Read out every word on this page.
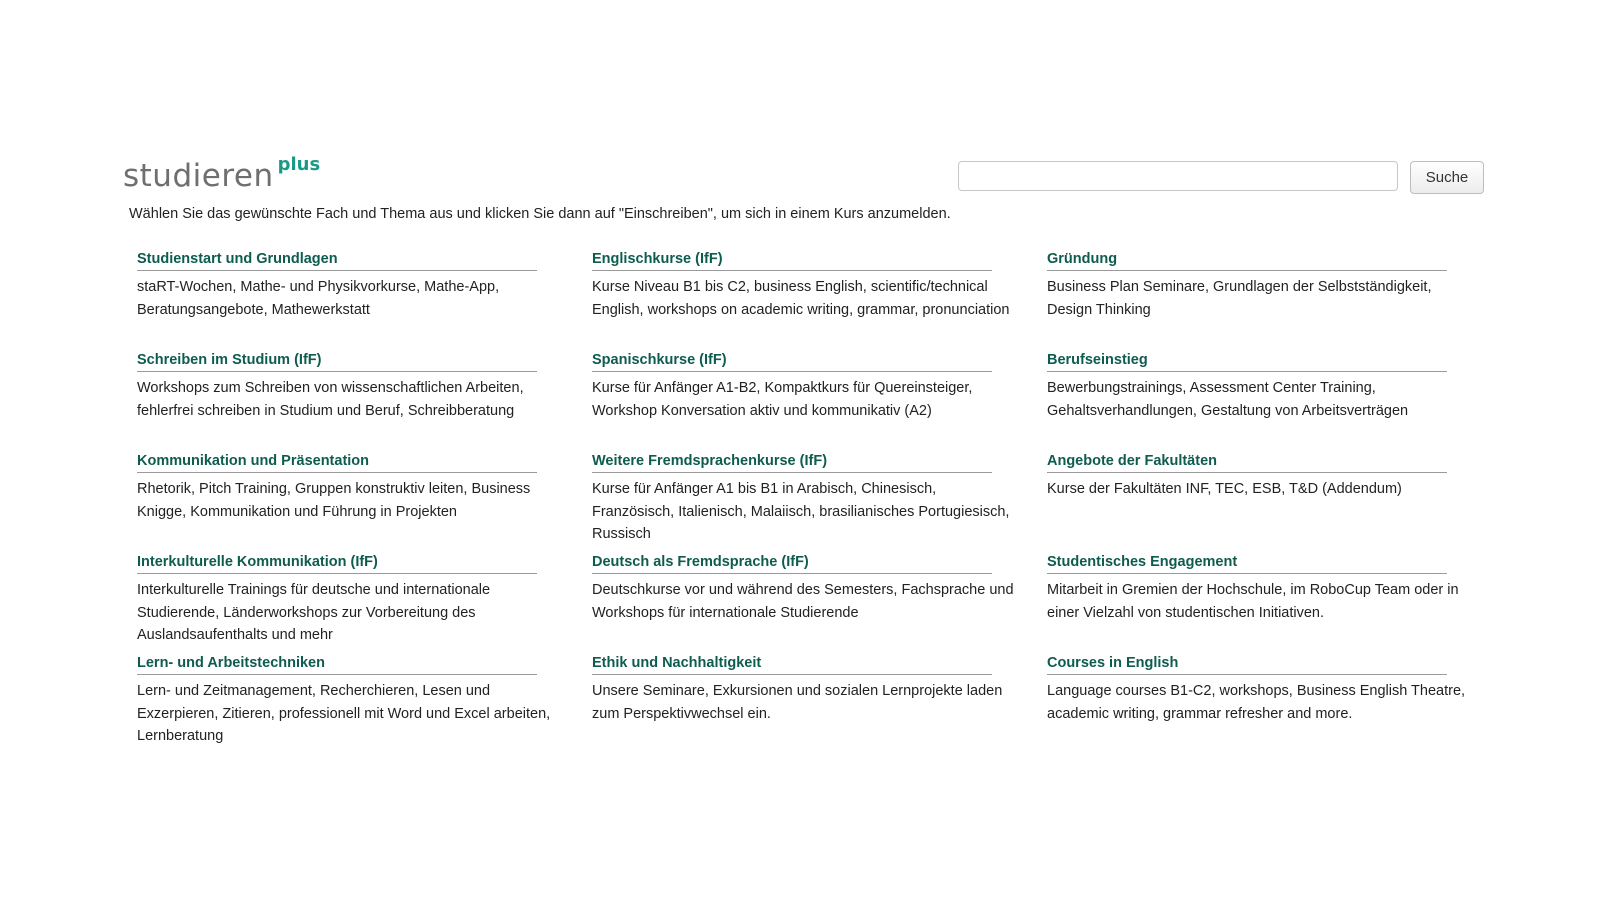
studieren plus
Suche
Wählen Sie das gewünschte Fach und Thema aus und klicken Sie dann auf "Einschreiben", um sich in einem Kurs anzumelden.
Studienstart und Grundlagen
staRT-Wochen, Mathe- und Physikvorkurse, Mathe-App, Beratungsangebote, Mathewerkstatt
Englischkurse (IfF)
Kurse Niveau B1 bis C2, business English, scientific/technical English, workshops on academic writing, grammar, pronunciation
Gründung
Business Plan Seminare, Grundlagen der Selbstständigkeit, Design Thinking
Schreiben im Studium (IfF)
Workshops zum Schreiben von wissenschaftlichen Arbeiten, fehlerfrei schreiben in Studium und Beruf, Schreibberatung
Spanischkurse (IfF)
Kurse für Anfänger A1-B2, Kompaktkurs für Quereinsteiger, Workshop Konversation aktiv und kommunikativ (A2)
Berufseinstieg
Bewerbungstrainings, Assessment Center Training, Gehaltsverhandlungen, Gestaltung von Arbeitsverträgen
Kommunikation und Präsentation
Rhetorik, Pitch Training, Gruppen konstruktiv leiten, Business Knigge, Kommunikation und Führung in Projekten
Weitere Fremdsprachenkurse (IfF)
Kurse für Anfänger A1 bis B1 in Arabisch, Chinesisch, Französisch, Italienisch, Malaiisch, brasilianisches Portugiesisch, Russisch
Angebote der Fakultäten
Kurse der Fakultäten INF, TEC, ESB, T&D (Addendum)
Interkulturelle Kommunikation (IfF)
Interkulturelle Trainings für deutsche und internationale Studierende, Länderworkshops zur Vorbereitung des Auslandsaufenthalts und mehr
Deutsch als Fremdsprache (IfF)
Deutschkurse vor und während des Semesters, Fachsprache und Workshops für internationale Studierende
Studentisches Engagement
Mitarbeit in Gremien der Hochschule, im RoboCup Team oder in einer Vielzahl von studentischen Initiativen.
Lern- und Arbeitstechniken
Lern- und Zeitmanagement, Recherchieren, Lesen und Exzerpieren, Zitieren, professionell mit Word und Excel arbeiten, Lernberatung
Ethik und Nachhaltigkeit
Unsere Seminare, Exkursionen und sozialen Lernprojekte laden zum Perspektivwechsel ein.
Courses in English
Language courses B1-C2, workshops, Business English Theatre, academic writing, grammar refresher and more.
